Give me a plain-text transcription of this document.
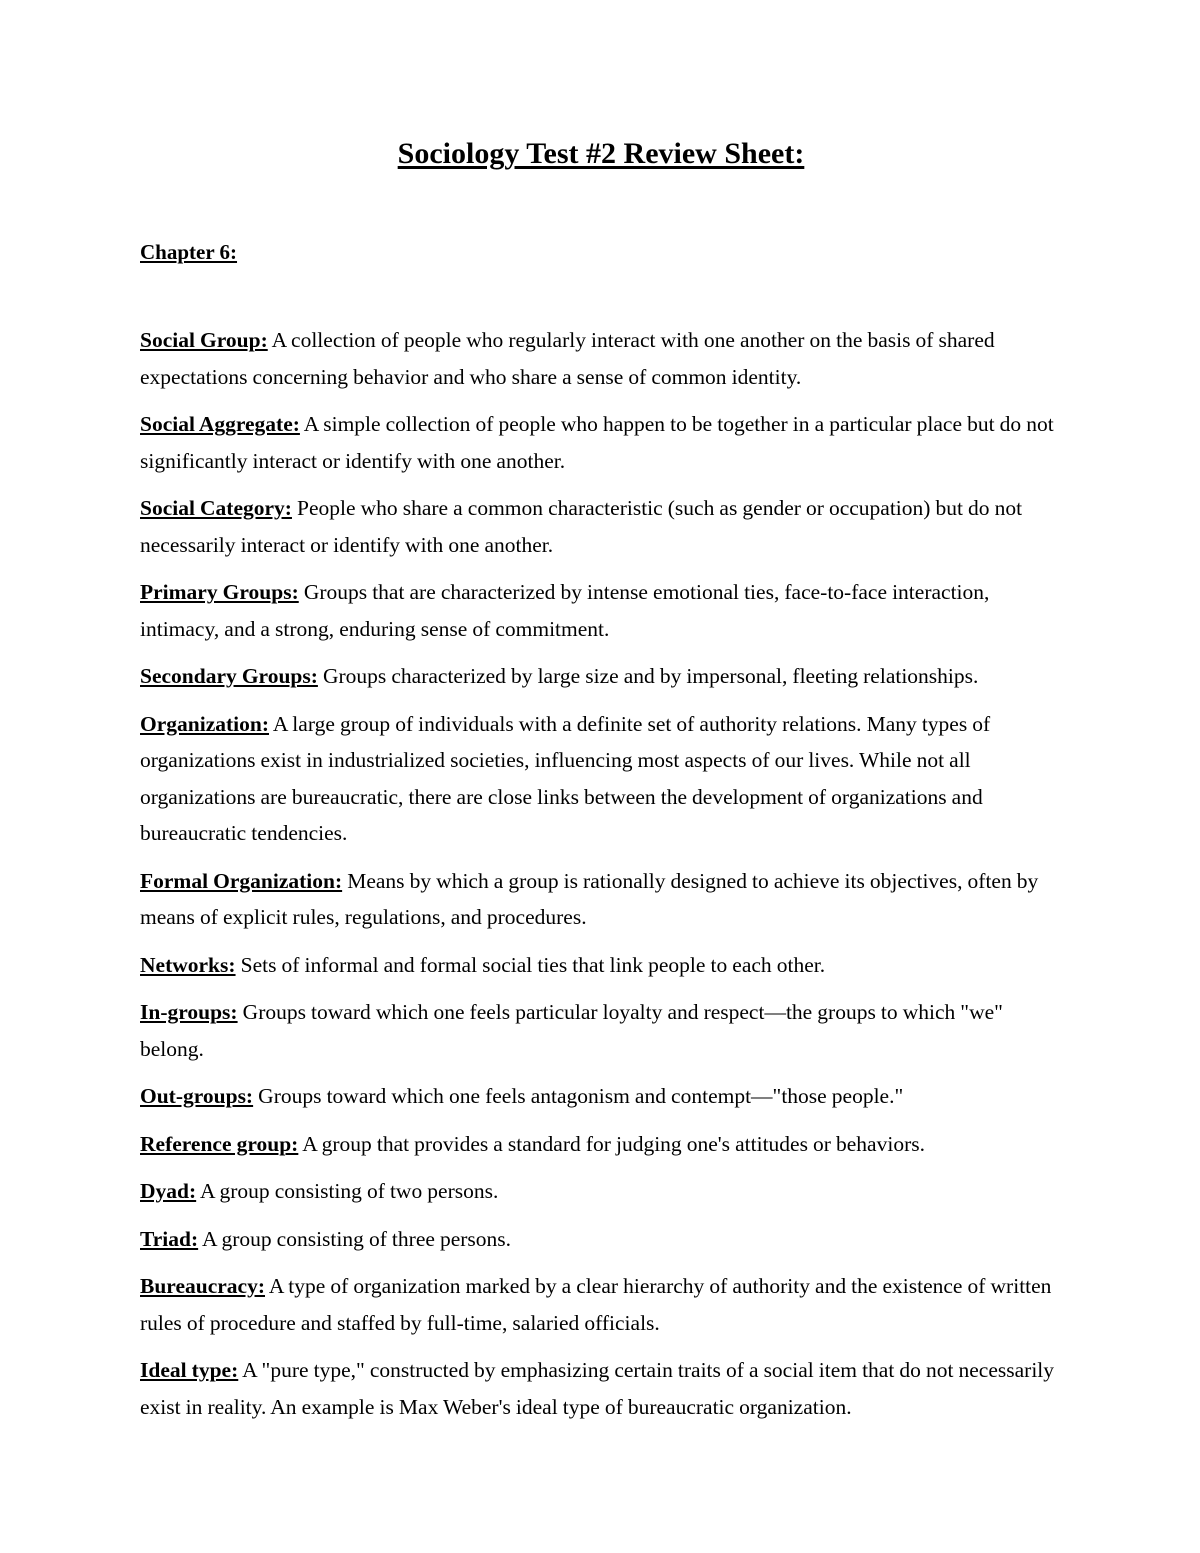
Sociology Test #2 Review Sheet:
Chapter 6:

Social Group: A collection of people who regularly interact with one another on the basis of shared expectations concerning behavior and who share a sense of common identity.

Social Aggregate: A simple collection of people who happen to be together in a particular place but do not significantly interact or identify with one another.

Social Category: People who share a common characteristic (such as gender or occupation) but do not necessarily interact or identify with one another.

Primary Groups: Groups that are characterized by intense emotional ties, face-to-face interaction, intimacy, and a strong, enduring sense of commitment.

Secondary Groups: Groups characterized by large size and by impersonal, fleeting relationships.

Organization: A large group of individuals with a definite set of authority relations. Many types of organizations exist in industrialized societies, influencing most aspects of our lives. While not all organizations are bureaucratic, there are close links between the development of organizations and bureaucratic tendencies.

Formal Organization: Means by which a group is rationally designed to achieve its objectives, often by means of explicit rules, regulations, and procedures.

Networks: Sets of informal and formal social ties that link people to each other.

In-groups: Groups toward which one feels particular loyalty and respect—the groups to which "we" belong.

Out-groups: Groups toward which one feels antagonism and contempt—"those people."

Reference group: A group that provides a standard for judging one's attitudes or behaviors.

Dyad: A group consisting of two persons.

Triad: A group consisting of three persons.

Bureaucracy: A type of organization marked by a clear hierarchy of authority and the existence of written rules of procedure and staffed by full-time, salaried officials.

Ideal type: A "pure type," constructed by emphasizing certain traits of a social item that do not necessarily exist in reality. An example is Max Weber's ideal type of bureaucratic organization.
